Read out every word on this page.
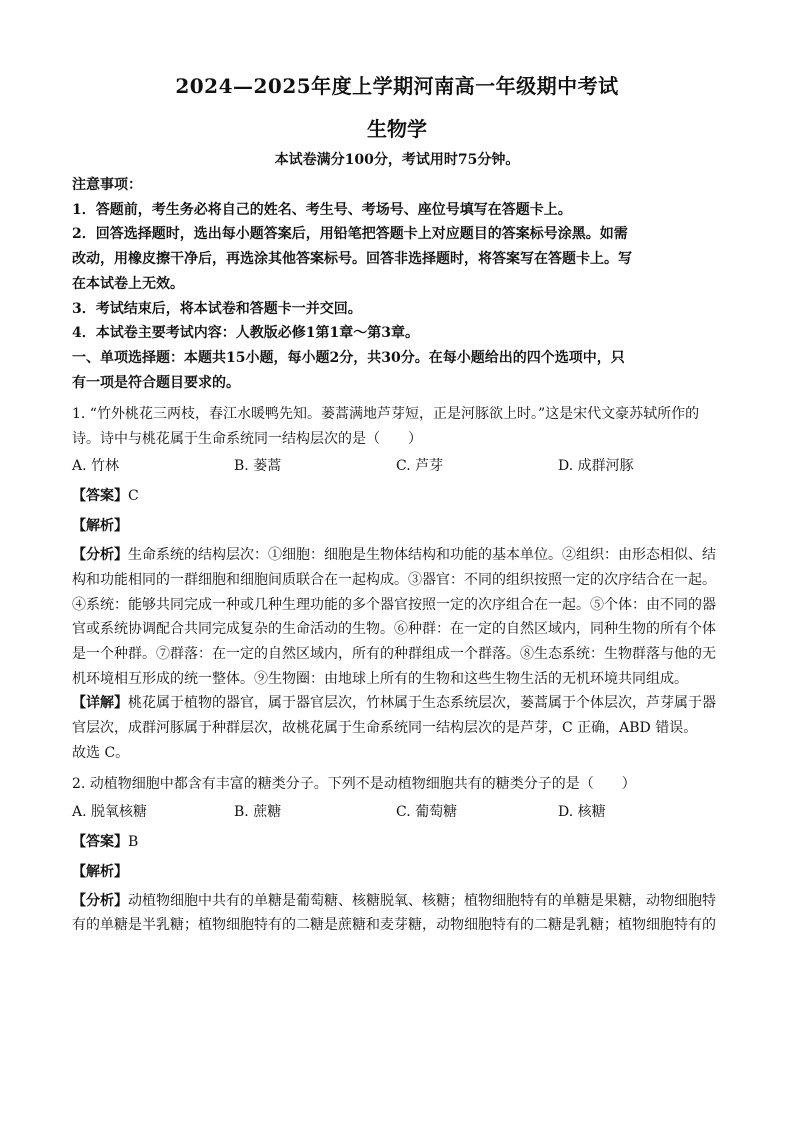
2024—2025年度上学期河南高一年级期中考试
生物学
本试卷满分100分，考试用时75分钟。
注意事项：
1．答题前，考生务必将自己的姓名、考生号、考场号、座位号填写在答题卡上。
2．回答选择题时，选出每小题答案后，用铅笔把答题卡上对应题目的答案标号涂黑。如需
改动，用橡皮擦干净后，再选涂其他答案标号。回答非选择题时，将答案写在答题卡上。写
在本试卷上无效。
3．考试结束后，将本试卷和答题卡一并交回。
4．本试卷主要考试内容：人教版必修1第1章～第3章。
一、单项选择题：本题共15小题，每小题2分，共30分。在每小题给出的四个选项中，只
有一项是符合题目要求的。
1. “竹外桃花三两枝，春江水暖鸭先知。蒌蒿满地芦芽短，正是河豚欲上时。”这是宋代文豪苏轼所作的
诗。诗中与桃花属于生命系统同一结构层次的是（　　）
A. 竹林	B. 蒌蒿	C. 芦芽	D. 成群河豚
【答案】C
【解析】
【分析】生命系统的结构层次：①细胞：细胞是生物体结构和功能的基本单位。②组织：由形态相似、结
构和功能相同的一群细胞和细胞间质联合在一起构成。③器官：不同的组织按照一定的次序结合在一起。
④系统：能够共同完成一种或几种生理功能的多个器官按照一定的次序组合在一起。⑤个体：由不同的器
官或系统协调配合共同完成复杂的生命活动的生物。⑥种群：在一定的自然区域内，同种生物的所有个体
是一个种群。⑦群落：在一定的自然区域内，所有的种群组成一个群落。⑧生态系统：生物群落与他的无
机环境相互形成的统一整体。⑨生物圈：由地球上所有的生物和这些生物生活的无机环境共同组成。
【详解】桃花属于植物的器官，属于器官层次，竹林属于生态系统层次，蒌蒿属于个体层次，芦芽属于器
官层次，成群河豚属于种群层次，故桃花属于生命系统同一结构层次的是芦芽，C 正确，ABD 错误。
故选 C。
2. 动植物细胞中都含有丰富的糖类分子。下列不是动植物细胞共有的糖类分子的是（　　）
A. 脱氧核糖	B. 蔗糖	C. 葡萄糖	D. 核糖
【答案】B
【解析】
【分析】动植物细胞中共有的单糖是葡萄糖、核糖脱氧、核糖；植物细胞特有的单糖是果糖，动物细胞特
有的单糖是半乳糖；植物细胞特有的二糖是蔗糖和麦芽糖，动物细胞特有的二糖是乳糖；植物细胞特有的
